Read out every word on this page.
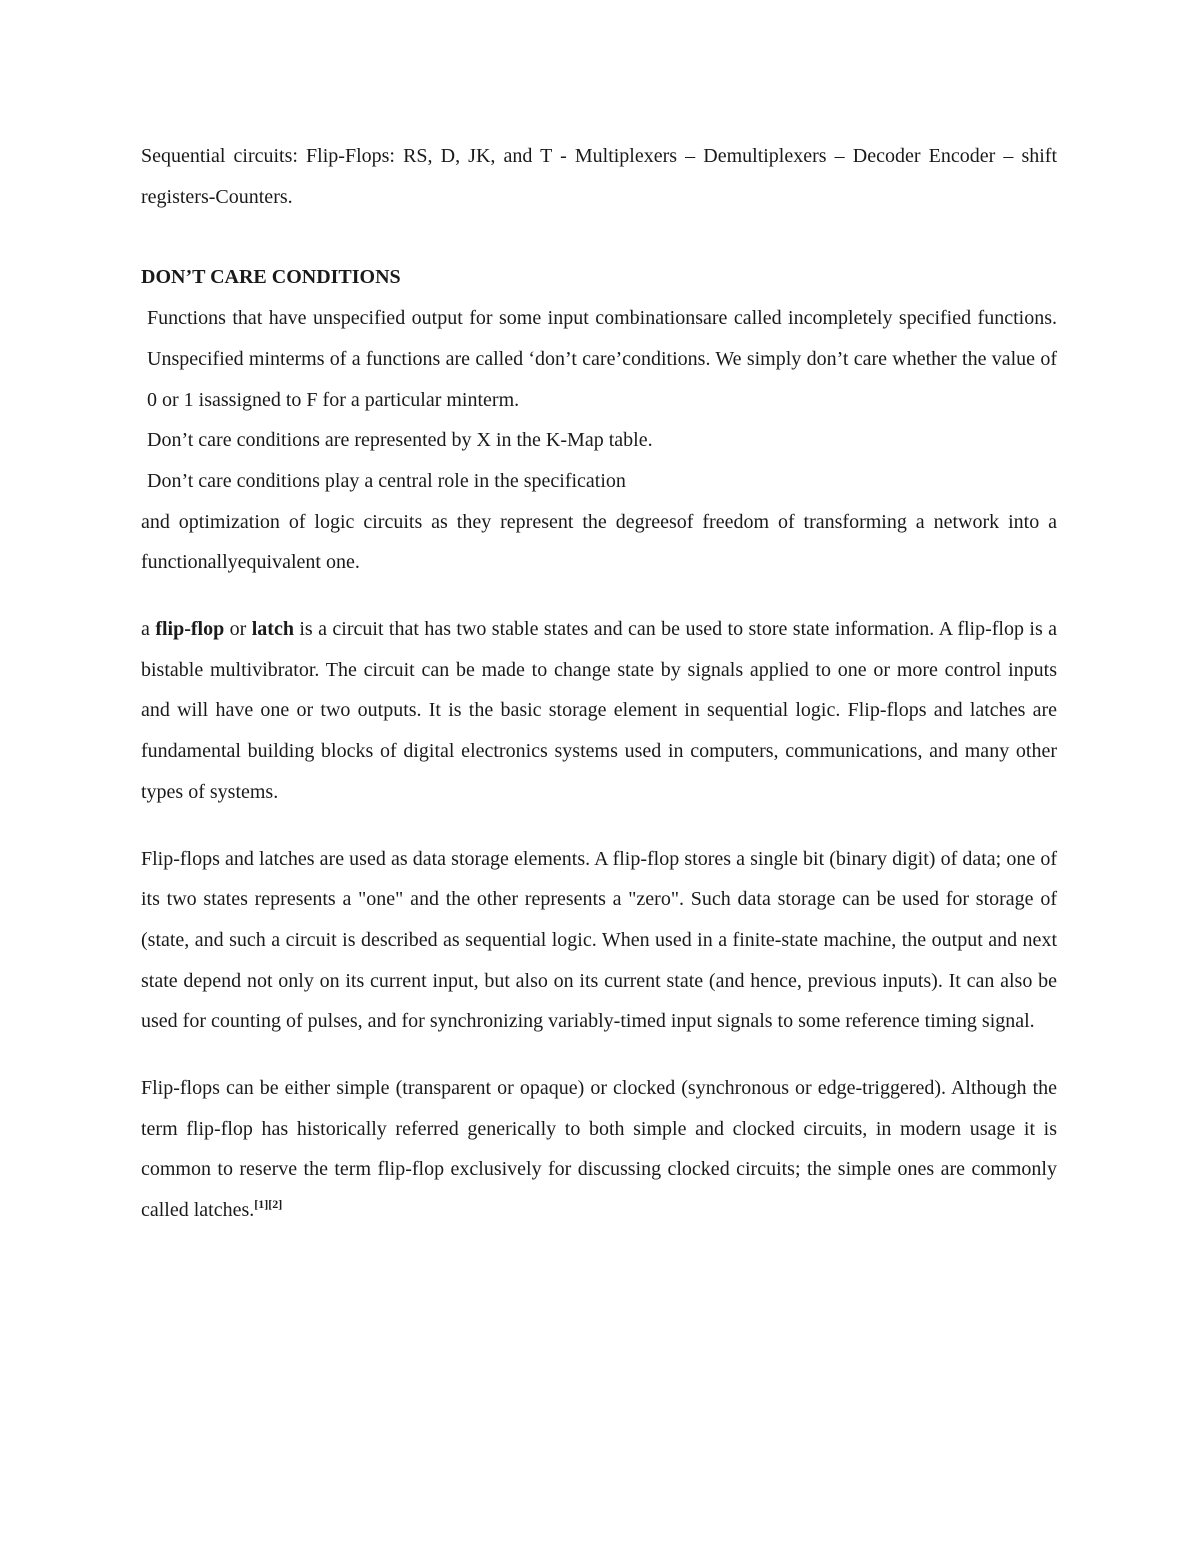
Sequential circuits: Flip-Flops: RS, D, JK, and T - Multiplexers – Demultiplexers – Decoder Encoder – shift registers-Counters.

DON’T CARE CONDITIONS

Functions that have unspecified output for some input combinationsare called incompletely specified functions. Unspecified minterms of a functions are called ‘don’t care’conditions. We simply don’t care whether the value of 0 or 1 isassigned to F for a particular minterm.

Don’t care conditions are represented by X in the K-Map table.

Don’t care conditions play a central role in the specification

and optimization of logic circuits as they represent the degreesof freedom of transforming a network into a functionallyequivalent one.

a flip-flop or latch is a circuit that has two stable states and can be used to store state information. A flip-flop is a bistable multivibrator. The circuit can be made to change state by signals applied to one or more control inputs and will have one or two outputs. It is the basic storage element in sequential logic. Flip-flops and latches are fundamental building blocks of digital electronics systems used in computers, communications, and many other types of systems.

Flip-flops and latches are used as data storage elements. A flip-flop stores a single bit (binary digit) of data; one of its two states represents a "one" and the other represents a "zero". Such data storage can be used for storage of (state, and such a circuit is described as sequential logic. When used in a finite-state machine, the output and next state depend not only on its current input, but also on its current state (and hence, previous inputs). It can also be used for counting of pulses, and for synchronizing variably-timed input signals to some reference timing signal.

Flip-flops can be either simple (transparent or opaque) or clocked (synchronous or edge-triggered). Although the term flip-flop has historically referred generically to both simple and clocked circuits, in modern usage it is common to reserve the term flip-flop exclusively for discussing clocked circuits; the simple ones are commonly called latches.[1][2]
